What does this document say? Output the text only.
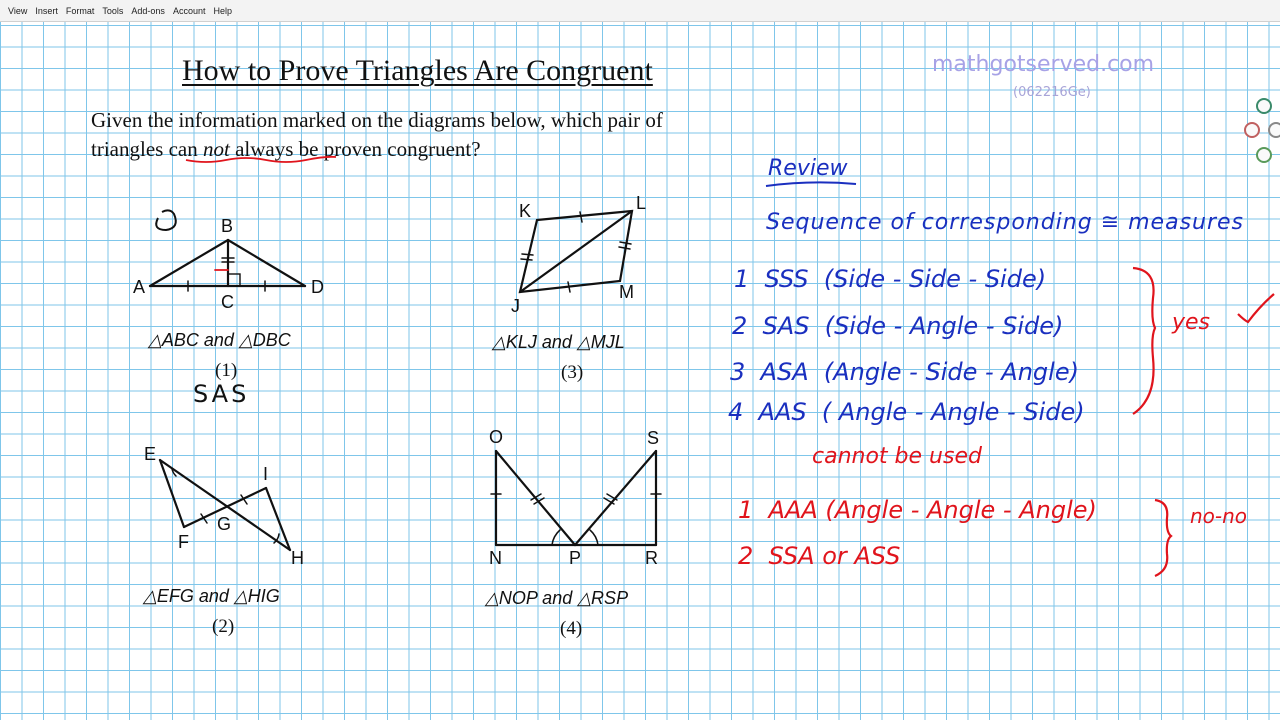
View Insert Format Tools Add-ons Account Help
How to Prove Triangles Are Congruent
Given the information marked on the diagrams below, which pair of
triangles can not always be proven congruent?
mathgotserved.com
(062216Ge)
B
A
C
D
△ABC and △DBC
(1)
SAS
K	L
J
M
△KLJ and △MJL
(3)
E
I
G
F
H
△EFG and △HIG
(2)
O	S
N	P	R
△NOP and △RSP
(4)
Review
Sequence of corresponding ≅ measures
1 SSS (Side - Side - Side)
2 SAS (Side - Angle - Side)
3 ASA (Angle - Side - Angle)
4 AAS ( Angle - Angle - Side)
yes
cannot be used
1 AAA (Angle - Angle - Angle)
2 SSA or ASS
no-no
